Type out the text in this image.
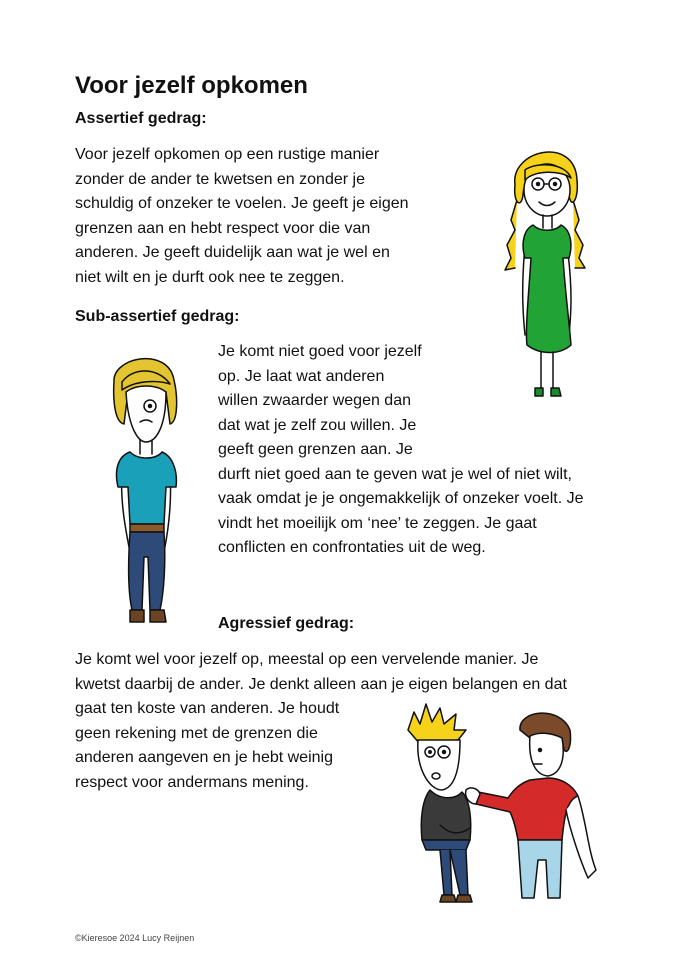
Voor jezelf opkomen
Assertief gedrag:

Voor jezelf opkomen op een rustige manier
zonder de ander te kwetsen en zonder je
schuldig of onzeker te voelen. Je geeft je eigen
grenzen aan en hebt respect voor die van
anderen. Je geeft duidelijk aan wat je wel en
niet wilt en je durft ook nee te zeggen.

Sub-assertief gedrag:

Je komt niet goed voor jezelf
op. Je laat wat anderen
willen zwaarder wegen dan
dat wat je zelf zou willen. Je
geeft geen grenzen aan. Je
durft niet goed aan te geven wat je wel of niet wilt,
vaak omdat je je ongemakkelijk of onzeker voelt. Je
vindt het moeilijk om ‘nee’ te zeggen. Je gaat
conflicten en confrontaties uit de weg.

Agressief gedrag:

Je komt wel voor jezelf op, meestal op een vervelende manier. Je
kwetst daarbij de ander. Je denkt alleen aan je eigen belangen en dat
gaat ten koste van anderen. Je houdt
geen rekening met de grenzen die
anderen aangeven en je hebt weinig
respect voor andermans mening.

©Kieresoe 2024 Lucy Reijnen
